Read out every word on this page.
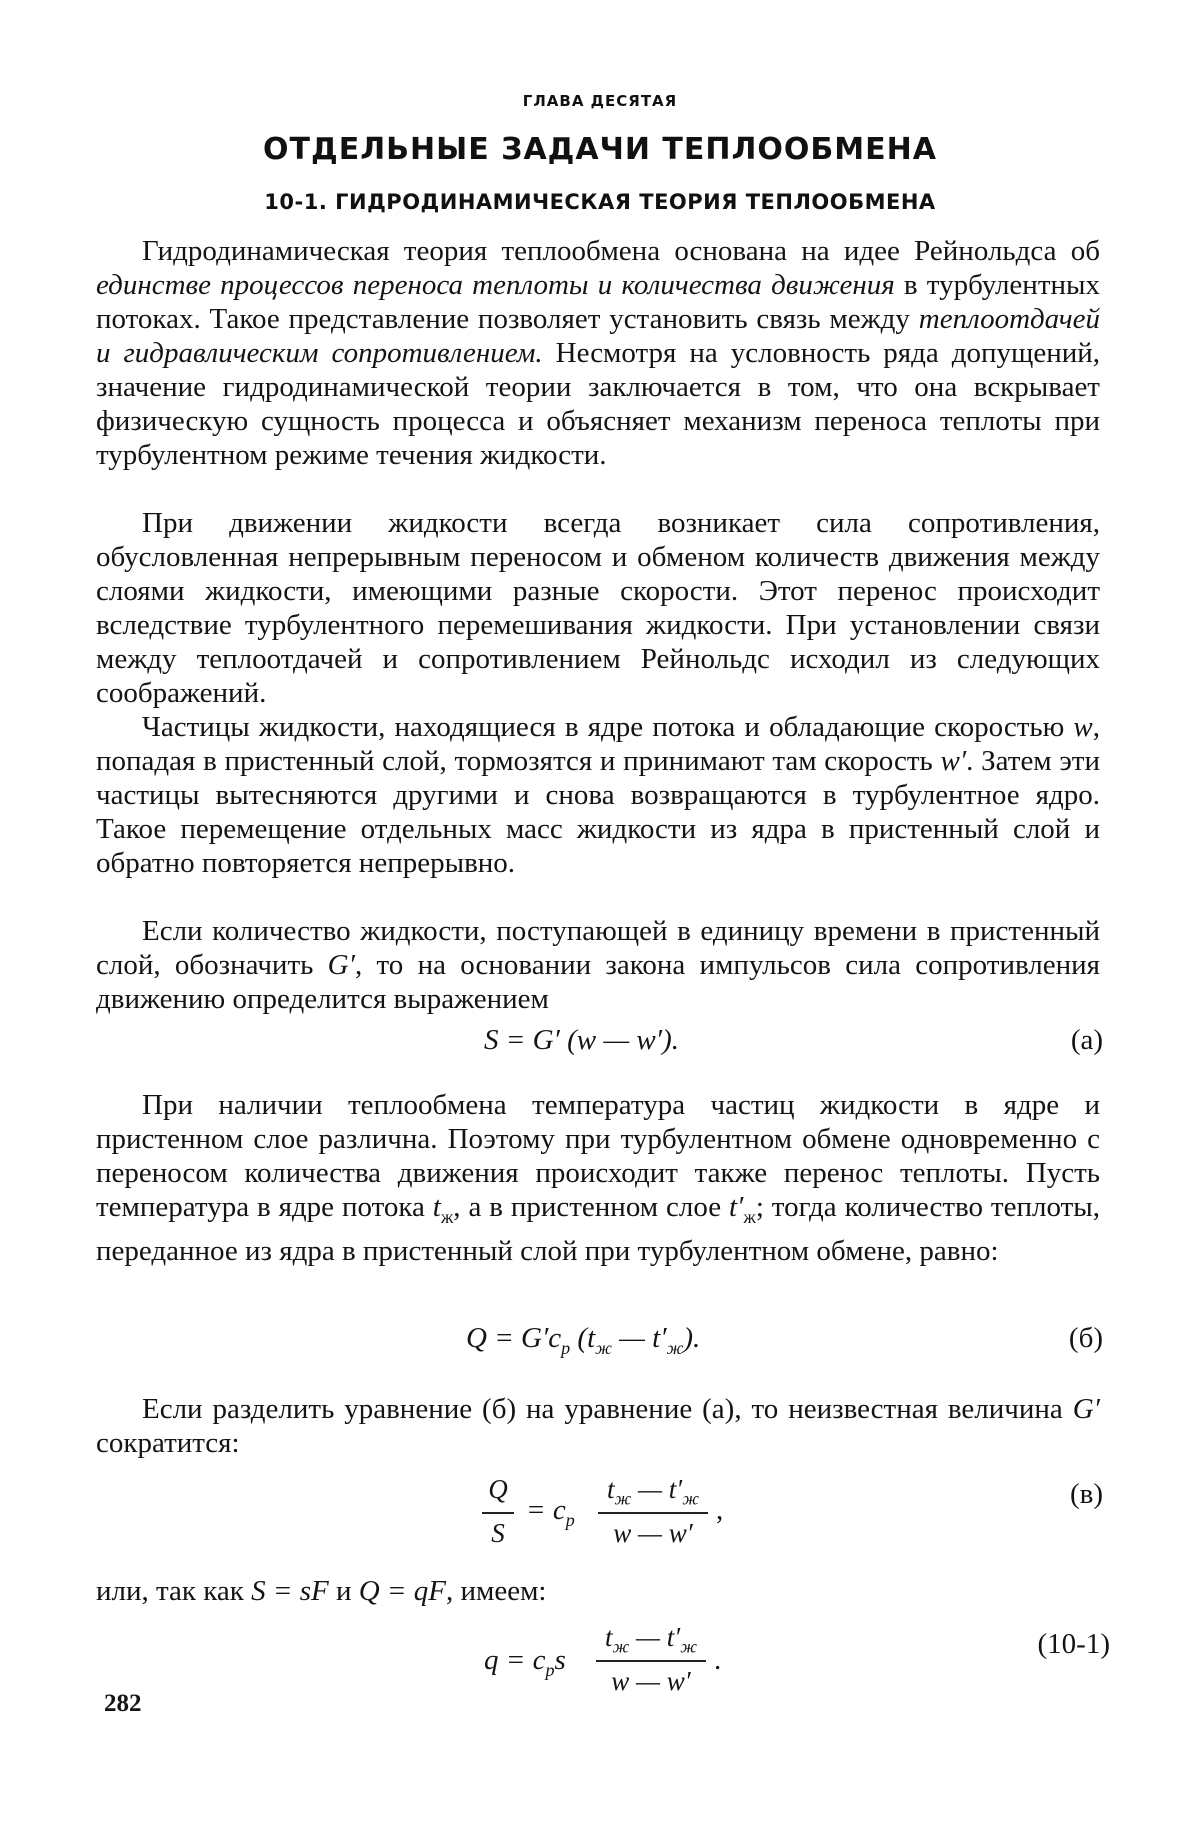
ГЛАВА ДЕСЯТАЯ
ОТДЕЛЬНЫЕ ЗАДАЧИ ТЕПЛООБМЕНА
10-1. ГИДРОДИНАМИЧЕСКАЯ ТЕОРИЯ ТЕПЛООБМЕНА

Гидродинамическая теория теплообмена основана на идее Рейнольдса об единстве процессов переноса теплоты и количества движения в турбулентных потоках. Такое представление позволяет установить связь между теплоотдачей и гидравлическим сопротивлением. Несмотря на условность ряда допущений, значение гидродинамической теории заключается в том, что она вскрывает физическую сущность процесса и объясняет механизм переноса теплоты при турбулентном режиме течения жидкости.

При движении жидкости всегда возникает сила сопротивления, обусловленная непрерывным переносом и обменом количеств движения между слоями жидкости, имеющими разные скорости. Этот перенос происходит вследствие турбулентного перемешивания жидкости. При установлении связи между теплоотдачей и сопротивлением Рейнольдс исходил из следующих соображений.

Частицы жидкости, находящиеся в ядре потока и обладающие скоростью w, попадая в пристенный слой, тормозятся и принимают там скорость w′. Затем эти частицы вытесняются другими и снова возвращаются в турбулентное ядро. Такое перемещение отдельных масс жидкости из ядра в пристенный слой и обратно повторяется непрерывно.

Если количество жидкости, поступающей в единицу времени в пристенный слой, обозначить G′, то на основании закона импульсов сила сопротивления движению определится выражением

S = G′ (w — w′).	(а)

При наличии теплообмена температура частиц жидкости в ядре и пристенном слое различна. Поэтому при турбулентном обмене одновременно с переносом количества движения происходит также перенос теплоты. Пусть температура в ядре потока $t_ж$, а в пристенном слое $t'_ж$; тогда количество теплоты, переданное из ядра в пристенный слой при турбулентном обмене, равно:

$Q = G'c_p$ ($t_ж$ — $t'_ж$).	(б)

Если разделить уравнение (б) на уравнение (а), то неизвестная величина G′ сократится:

Q
S
= $c_p$
$t_ж$ — $t'_ж$
w — w′
,	(в)

или, так как S = sF и Q = qF, имеем:

$q = c_ps$
$t_ж$ — $t'_ж$
w — w′
.	(10-1)
282
